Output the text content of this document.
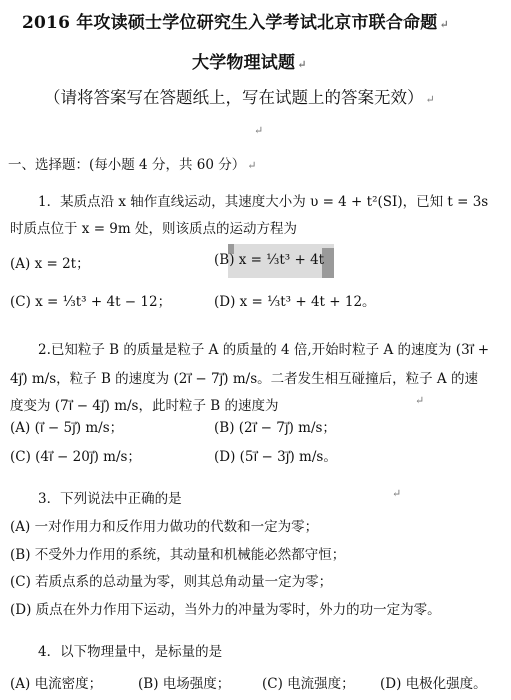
2016 年攻读硕士学位研究生入学考试北京市联合命题 ↵
大学物理试题 ↵
（请将答案写在答题纸上，写在试题上的答案无效） ↵
↵
一、选择题：(每小题 4 分，共 60 分） ↵
1．某质点沿 x 轴作直线运动，其速度大小为 υ = 4 + t²(SI)，已知 t = 3s
时质点位于 x = 9m 处，则该质点的运动方程为
(A) x = 2t；	(B) x = ⅓t³ + 4t
(C) x = ⅓t³ + 4t − 12；	(D) x = ⅓t³ + 4t + 12。
2.已知粒子 B 的质量是粒子 A 的质量的 4 倍,开始时粒子 A 的速度为 (3i⃗ +
4j⃗) m/s，粒子 B 的速度为 (2i⃗ − 7j⃗) m/s。二者发生相互碰撞后，粒子 A 的速
度变为 (7i⃗ − 4j⃗) m/s，此时粒子 B 的速度为	↵
(A) (i⃗ − 5j⃗) m/s；	(B) (2i⃗ − 7j⃗) m/s；
(C) (4i⃗ − 20j⃗) m/s；	(D) (5i⃗ − 3j⃗) m/s。
3．下列说法中正确的是	↵
(A) 一对作用力和反作用力做功的代数和一定为零；
(B) 不受外力作用的系统，其动量和机械能必然都守恒；
(C) 若质点系的总动量为零，则其总角动量一定为零；
(D) 质点在外力作用下运动，当外力的冲量为零时，外力的功一定为零。
4．以下物理量中，是标量的是
(A) 电流密度；	(B) 电场强度； (C) 电流强度； (D) 电极化强度。
